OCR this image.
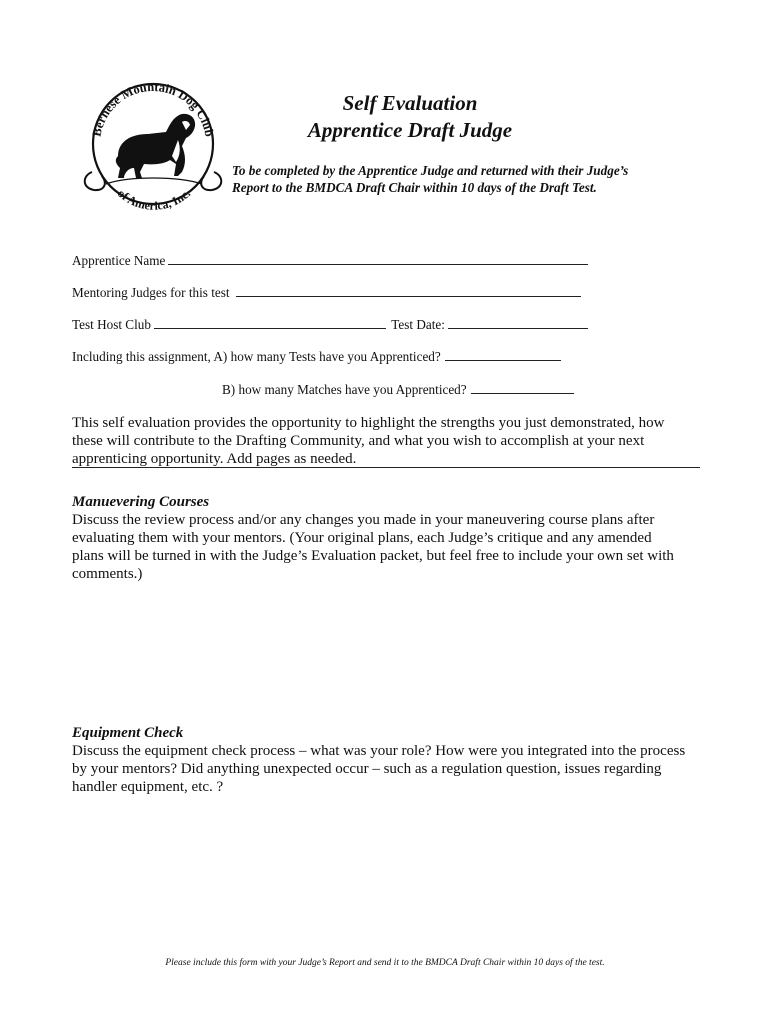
Bernese Mountain Dog Club
of America, Inc.
Self Evaluation
Apprentice Draft Judge
To be completed by the Apprentice Judge and returned with their Judge’s
Report to the BMDCA Draft Chair within 10 days of the Draft Test.
Apprentice Name
Mentoring Judges for this test
Test Host Club	Test Date:
Including this assignment, A) how many Tests have you Apprenticed?
B) how many Matches have you Apprenticed?
This self evaluation provides the opportunity to highlight the strengths you just demonstrated, how
these will contribute to the Drafting Community, and what you wish to accomplish at your next
apprenticing opportunity. Add pages as needed.
Manuevering Courses
Discuss the review process and/or any changes you made in your maneuvering course plans after
evaluating them with your mentors. (Your original plans, each Judge’s critique and any amended
plans will be turned in with the Judge’s Evaluation packet, but feel free to include your own set with
comments.)
Equipment Check
Discuss the equipment check process – what was your role? How were you integrated into the process
by your mentors? Did anything unexpected occur – such as a regulation question, issues regarding
handler equipment, etc. ?
Please include this form with your Judge’s Report and send it to the BMDCA Draft Chair within 10 days of the test.
